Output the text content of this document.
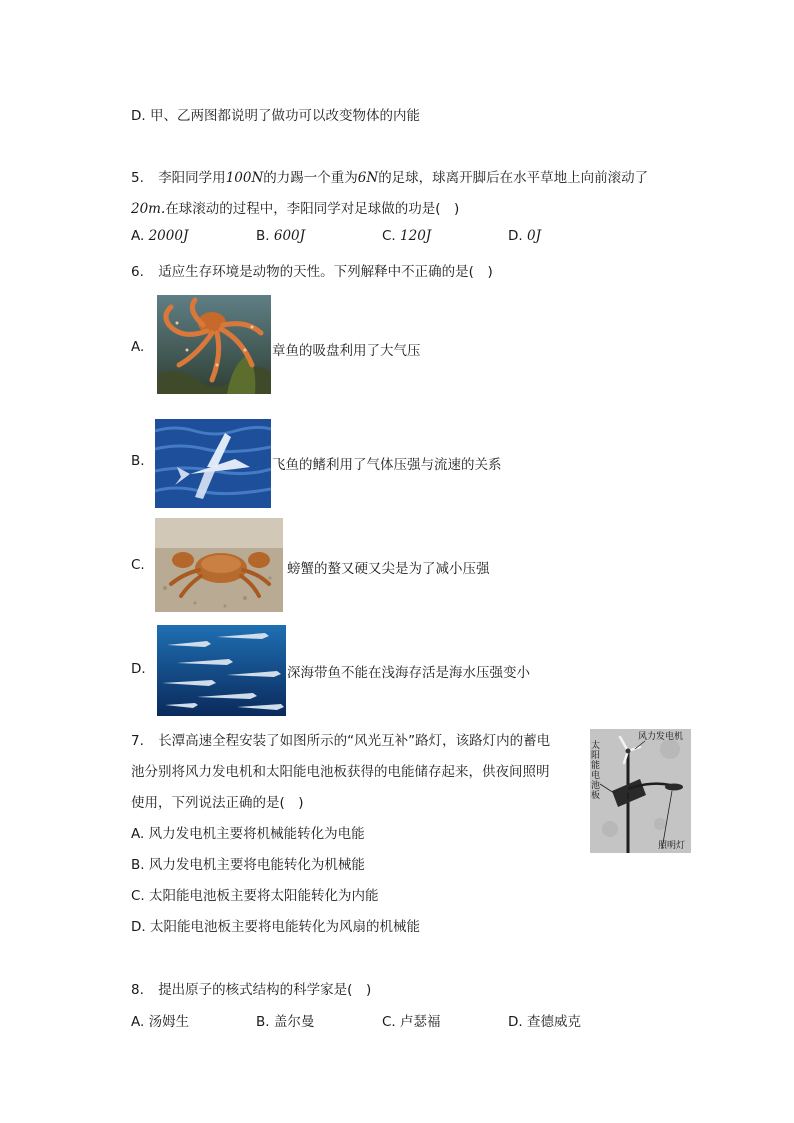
D. 甲、乙两图都说明了做功可以改变物体的内能
5. 李阳同学用100N的力踢一个重为6N的足球，球离开脚后在水平草地上向前滚动了
20m.在球滚动的过程中，李阳同学对足球做的功是(　)
A. 2000J	B. 600J	C. 120J	D. 0J
6. 适应生存环境是动物的天性。下列解释中不正确的是(　)
A.	章鱼的吸盘利用了大气压
B.	飞鱼的鳍利用了气体压强与流速的关系
C.	螃蟹的螯又硬又尖是为了减小压强
D.	深海带鱼不能在浅海存活是海水压强变小
7. 长潭高速全程安装了如图所示的“风光互补”路灯，该路灯内的蓄电
池分别将风力发电机和太阳能电池板获得的电能储存起来，供夜间照明
使用，下列说法正确的是(　)
A. 风力发电机主要将机械能转化为电能
B. 风力发电机主要将电能转化为机械能
C. 太阳能电池板主要将太阳能转化为内能
D. 太阳能电池板主要将电能转化为风扇的机械能
风力发电机
太阳能电池板
照明灯
8. 提出原子的核式结构的科学家是(　)
A. 汤姆生	B. 盖尔曼	C. 卢瑟福	D. 查德威克
